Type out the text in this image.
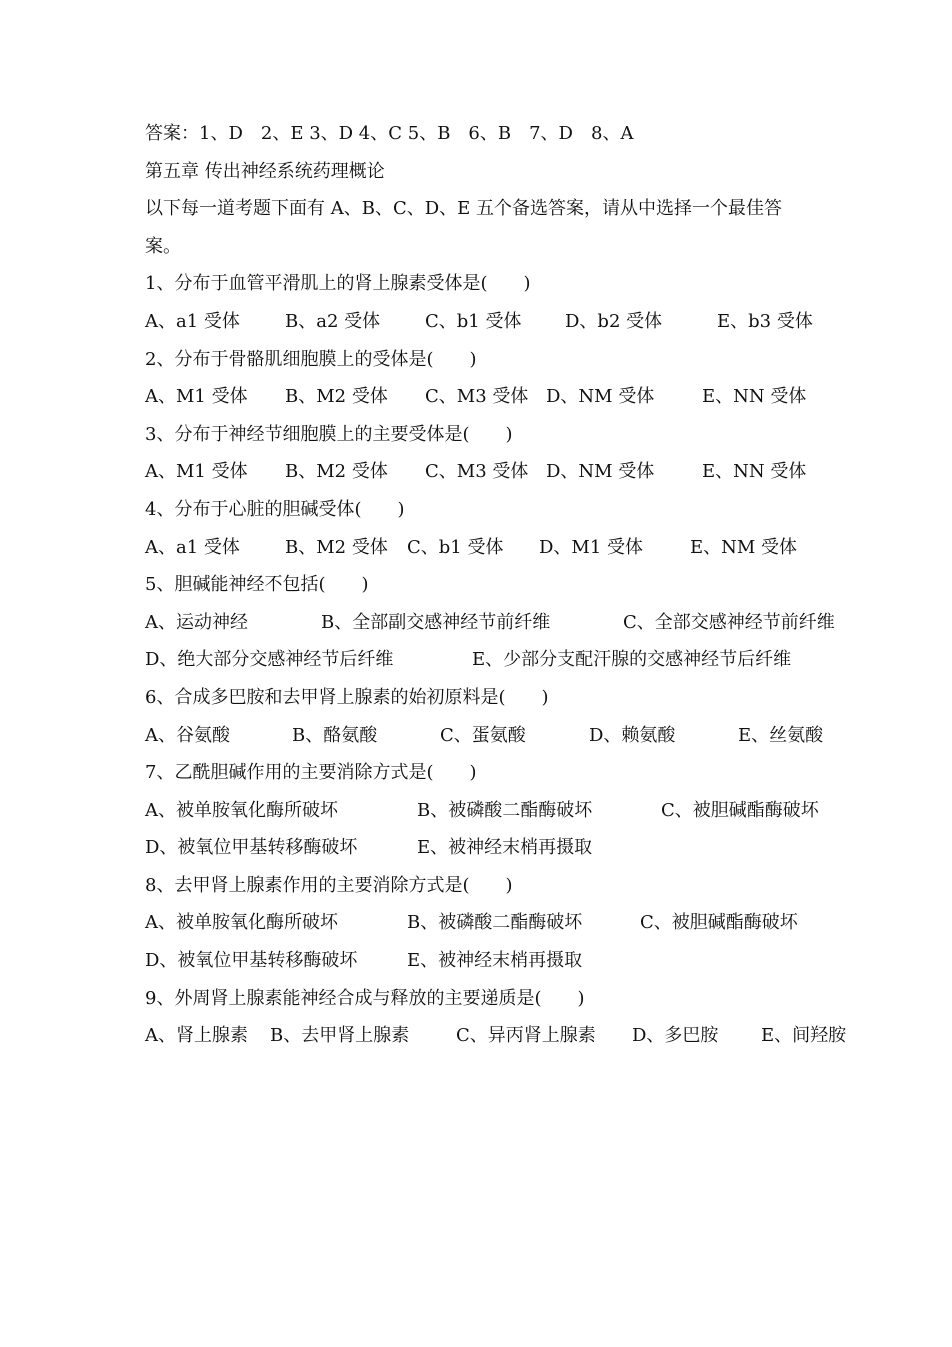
答案：1、D　2、E 3、D 4、C 5、B　6、B　7、D　8、A
第五章 传出神经系统药理概论
以下每一道考题下面有 A、B、C、D、E 五个备选答案，请从中选择一个最佳答案。
1、分布于血管平滑肌上的肾上腺素受体是(　　)
A、a1 受体	B、a2 受体 C、b1 受体 D、b2 受体	E、b3 受体
2、分布于骨骼肌细胞膜上的受体是(　　)
A、M1 受体 B、M2 受体 C、M3 受体 D、NM 受体	E、NN 受体
3、分布于神经节细胞膜上的主要受体是(　　)
A、M1 受体 B、M2 受体 C、M3 受体 D、NM 受体	E、NN 受体
4、分布于心脏的胆碱受体(　　)
A、a1 受体	B、M2 受体 C、b1 受体 D、M1 受体	E、NM 受体
5、胆碱能神经不包括(　　)
A、运动神经	B、全部副交感神经节前纤维	C、全部交感神经节前纤维
D、绝大部分交感神经节后纤维	E、少部分支配汗腺的交感神经节后纤维
6、合成多巴胺和去甲肾上腺素的始初原料是(　　)
A、谷氨酸	B、酪氨酸	C、蛋氨酸	D、赖氨酸	E、丝氨酸
7、乙酰胆碱作用的主要消除方式是(　　)
A、被单胺氧化酶所破坏	B、被磷酸二酯酶破坏	C、被胆碱酯酶破坏
D、被氧位甲基转移酶破坏	E、被神经末梢再摄取
8、去甲肾上腺素作用的主要消除方式是(　　)
A、被单胺氧化酶所破坏	B、被磷酸二酯酶破坏	C、被胆碱酯酶破坏
D、被氧位甲基转移酶破坏	E、被神经末梢再摄取
9、外周肾上腺素能神经合成与释放的主要递质是(　　)
A、肾上腺素 B、去甲肾上腺素	C、异丙肾上腺素 D、多巴胺 E、间羟胺
